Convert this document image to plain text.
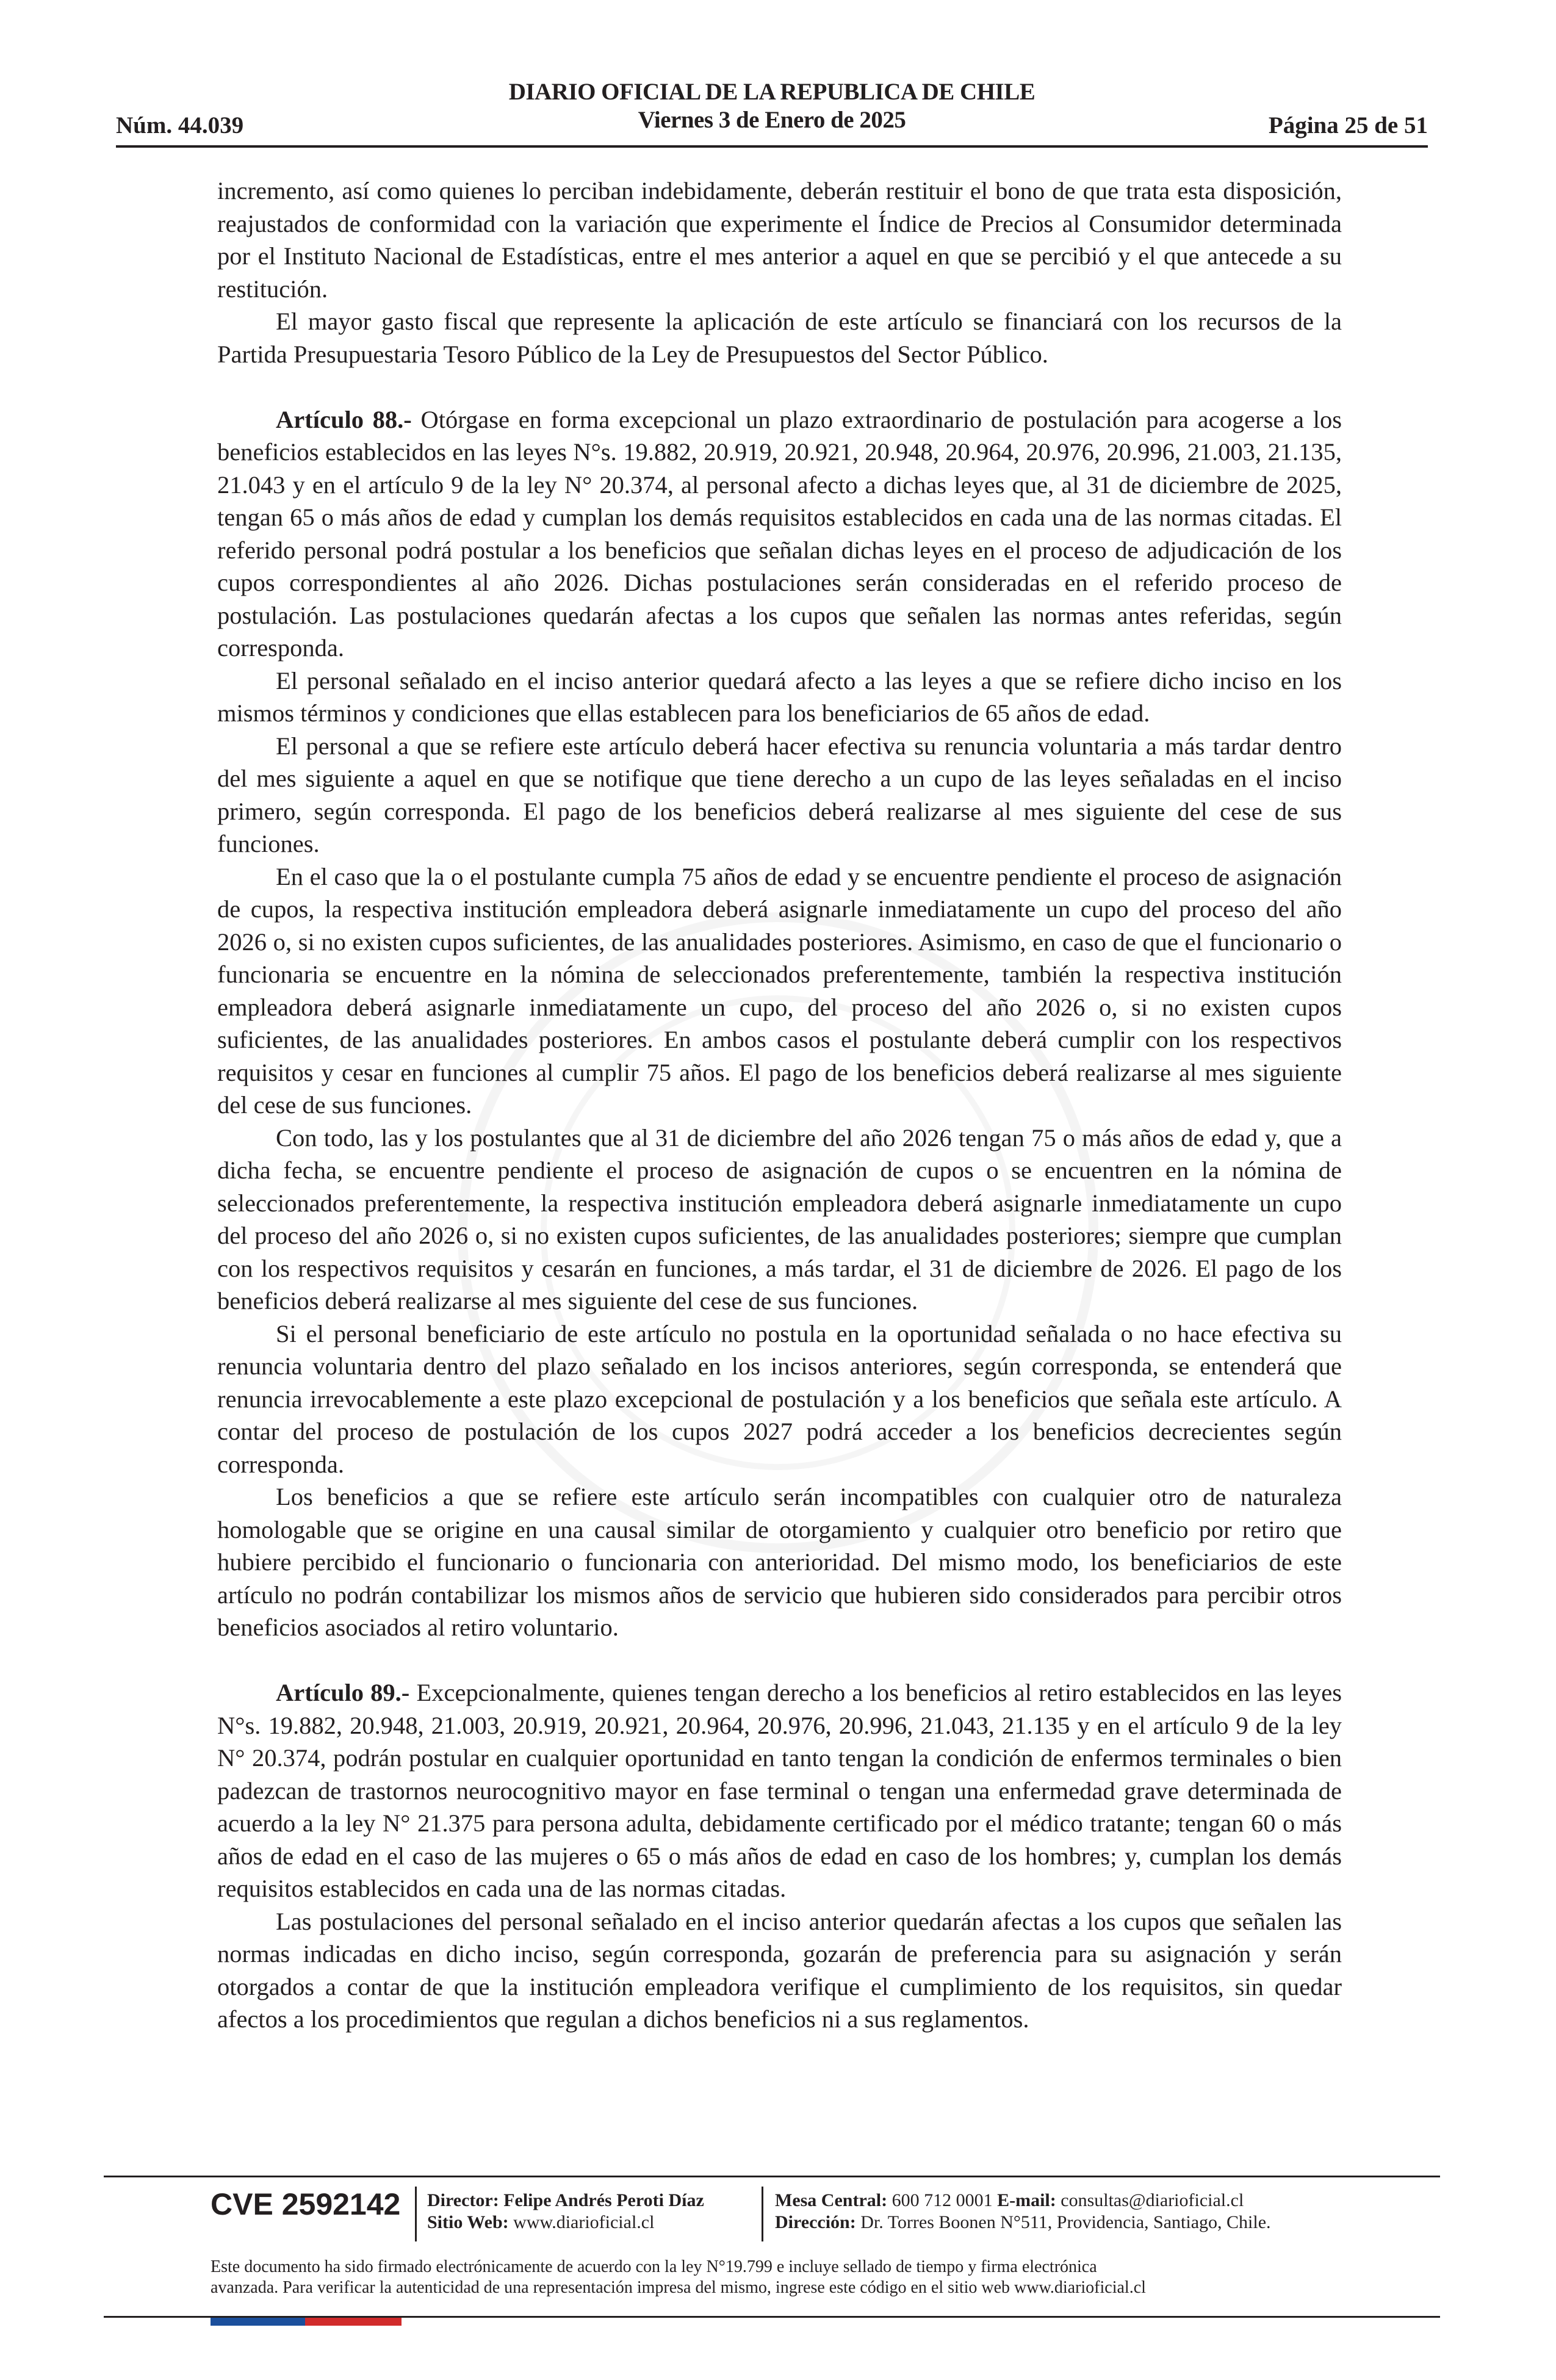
DIARIO OFICIAL DE LA REPUBLICA DE CHILE
Viernes 3 de Enero de 2025
Núm. 44.039	Página 25 de 51

incremento, así como quienes lo perciban indebidamente, deberán restituir el bono de que trata esta disposición, reajustados de conformidad con la variación que experimente el Índice de Precios al Consumidor determinada por el Instituto Nacional de Estadísticas, entre el mes anterior a aquel en que se percibió y el que antecede a su restitución.

El mayor gasto fiscal que represente la aplicación de este artículo se financiará con los recursos de la Partida Presupuestaria Tesoro Público de la Ley de Presupuestos del Sector Público.

Artículo 88.- Otórgase en forma excepcional un plazo extraordinario de postulación para acogerse a los beneficios establecidos en las leyes N°s. 19.882, 20.919, 20.921, 20.948, 20.964, 20.976, 20.996, 21.003, 21.135, 21.043 y en el artículo 9 de la ley N° 20.374, al personal afecto a dichas leyes que, al 31 de diciembre de 2025, tengan 65 o más años de edad y cumplan los demás requisitos establecidos en cada una de las normas citadas. El referido personal podrá postular a los beneficios que señalan dichas leyes en el proceso de adjudicación de los cupos correspondientes al año 2026. Dichas postulaciones serán consideradas en el referido proceso de postulación. Las postulaciones quedarán afectas a los cupos que señalen las normas antes referidas, según corresponda.

El personal señalado en el inciso anterior quedará afecto a las leyes a que se refiere dicho inciso en los mismos términos y condiciones que ellas establecen para los beneficiarios de 65 años de edad.

El personal a que se refiere este artículo deberá hacer efectiva su renuncia voluntaria a más tardar dentro del mes siguiente a aquel en que se notifique que tiene derecho a un cupo de las leyes señaladas en el inciso primero, según corresponda. El pago de los beneficios deberá realizarse al mes siguiente del cese de sus funciones.

En el caso que la o el postulante cumpla 75 años de edad y se encuentre pendiente el proceso de asignación de cupos, la respectiva institución empleadora deberá asignarle inmediatamente un cupo del proceso del año 2026 o, si no existen cupos suficientes, de las anualidades posteriores. Asimismo, en caso de que el funcionario o funcionaria se encuentre en la nómina de seleccionados preferentemente, también la respectiva institución empleadora deberá asignarle inmediatamente un cupo, del proceso del año 2026 o, si no existen cupos suficientes, de las anualidades posteriores. En ambos casos el postulante deberá cumplir con los respectivos requisitos y cesar en funciones al cumplir 75 años. El pago de los beneficios deberá realizarse al mes siguiente del cese de sus funciones.

Con todo, las y los postulantes que al 31 de diciembre del año 2026 tengan 75 o más años de edad y, que a dicha fecha, se encuentre pendiente el proceso de asignación de cupos o se encuentren en la nómina de seleccionados preferentemente, la respectiva institución empleadora deberá asignarle inmediatamente un cupo del proceso del año 2026 o, si no existen cupos suficientes, de las anualidades posteriores; siempre que cumplan con los respectivos requisitos y cesarán en funciones, a más tardar, el 31 de diciembre de 2026. El pago de los beneficios deberá realizarse al mes siguiente del cese de sus funciones.

Si el personal beneficiario de este artículo no postula en la oportunidad señalada o no hace efectiva su renuncia voluntaria dentro del plazo señalado en los incisos anteriores, según corresponda, se entenderá que renuncia irrevocablemente a este plazo excepcional de postulación y a los beneficios que señala este artículo. A contar del proceso de postulación de los cupos 2027 podrá acceder a los beneficios decrecientes según corresponda.

Los beneficios a que se refiere este artículo serán incompatibles con cualquier otro de naturaleza homologable que se origine en una causal similar de otorgamiento y cualquier otro beneficio por retiro que hubiere percibido el funcionario o funcionaria con anterioridad. Del mismo modo, los beneficiarios de este artículo no podrán contabilizar los mismos años de servicio que hubieren sido considerados para percibir otros beneficios asociados al retiro voluntario.

Artículo 89.- Excepcionalmente, quienes tengan derecho a los beneficios al retiro establecidos en las leyes N°s. 19.882, 20.948, 21.003, 20.919, 20.921, 20.964, 20.976, 20.996, 21.043, 21.135 y en el artículo 9 de la ley N° 20.374, podrán postular en cualquier oportunidad en tanto tengan la condición de enfermos terminales o bien padezcan de trastornos neurocognitivo mayor en fase terminal o tengan una enfermedad grave determinada de acuerdo a la ley N° 21.375 para persona adulta, debidamente certificado por el médico tratante; tengan 60 o más años de edad en el caso de las mujeres o 65 o más años de edad en caso de los hombres; y, cumplan los demás requisitos establecidos en cada una de las normas citadas.

Las postulaciones del personal señalado en el inciso anterior quedarán afectas a los cupos que señalen las normas indicadas en dicho inciso, según corresponda, gozarán de preferencia para su asignación y serán otorgados a contar de que la institución empleadora verifique el cumplimiento de los requisitos, sin quedar afectos a los procedimientos que regulan a dichos beneficios ni a sus reglamentos.

CVE 2592142 Director: Felipe Andrés Peroti Díaz
Sitio Web: www.diarioficial.cl
Mesa Central: 600 712 0001 E-mail: consultas@diarioficial.cl
Dirección: Dr. Torres Boonen N°511, Providencia, Santiago, Chile.
Este documento ha sido firmado electrónicamente de acuerdo con la ley N°19.799 e incluye sellado de tiempo y firma electrónica
avanzada. Para verificar la autenticidad de una representación impresa del mismo, ingrese este código en el sitio web www.diarioficial.cl
